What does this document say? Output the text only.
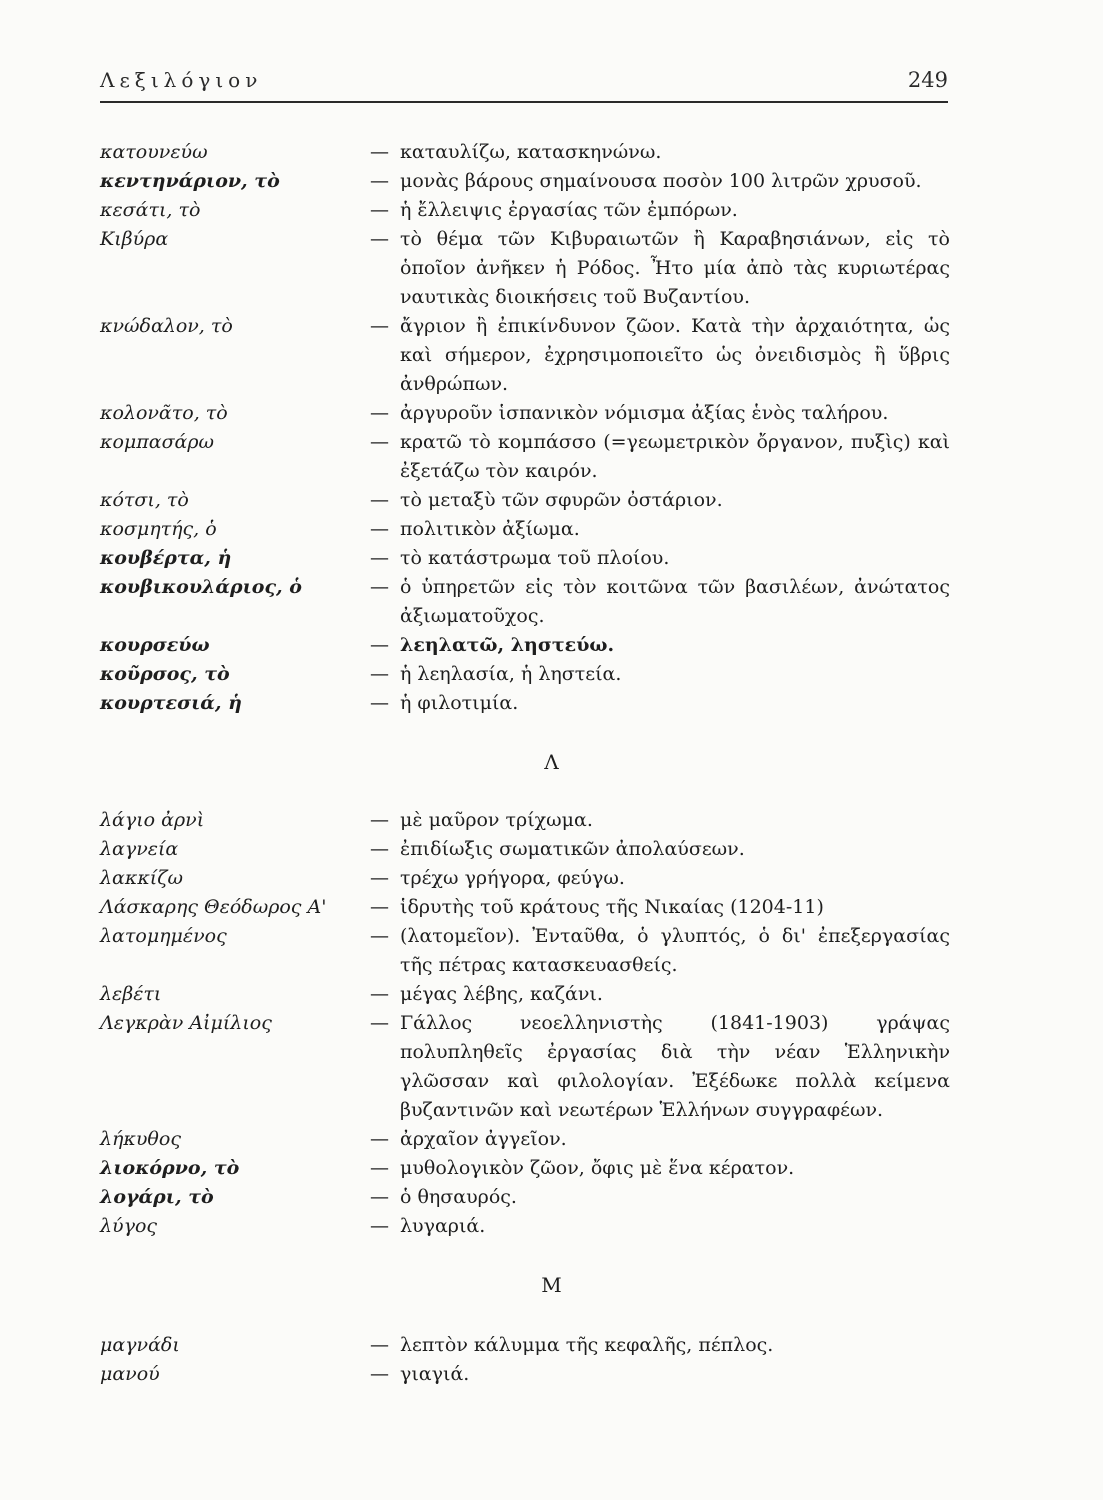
Λεξιλόγιον	249
κατουνεύω	— καταυλίζω, κατασκηνώνω.
κεντηνάριον, τὸ	— μονὰς βάρους σημαίνουσα ποσὸν 100 λιτρῶν χρυσοῦ.
κεσάτι, τὸ	— ἡ ἔλλειψις ἐργασίας τῶν ἐμπόρων.
Κιβύρα	— τὸ θέμα τῶν Κιβυραιωτῶν ἢ Καραβησιάνων, εἰς τὸ ὁποῖον ἀνῆκεν ἡ Ρόδος. Ἦτο μία ἀπὸ τὰς κυριωτέρας ναυτικὰς διοικήσεις τοῦ Βυζαντίου.
κνώδαλον, τὸ	— ἄγριον ἢ ἐπικίνδυνον ζῶον. Κατὰ τὴν ἀρχαιότητα, ὡς καὶ σήμερον, ἐχρησιμοποιεῖτο ὡς ὀνειδισμὸς ἢ ὕβρις ἀνθρώπων.
κολονᾶτο, τὸ	— ἀργυροῦν ἱσπανικὸν νόμισμα ἀξίας ἑνὸς ταλήρου.
κομπασάρω	— κρατῶ τὸ κομπάσσο (=γεωμετρικὸν ὄργανον, πυξὶς) καὶ ἐξετάζω τὸν καιρόν.
κότσι, τὸ	— τὸ μεταξὺ τῶν σφυρῶν ὀστάριον.
κοσμητής, ὁ	— πολιτικὸν ἀξίωμα.
κουβέρτα, ἡ	— τὸ κατάστρωμα τοῦ πλοίου.
κουβικουλάριος, ὁ	— ὁ ὑπηρετῶν εἰς τὸν κοιτῶνα τῶν βασιλέων, ἀνώτατος ἀξιωματοῦχος.
κουρσεύω	— λεηλατῶ, ληστεύω.
κοῦρσος, τὸ	— ἡ λεηλασία, ἡ ληστεία.
κουρτεσιά, ἡ	— ἡ φιλοτιμία.
Λ
λάγιο ἀρνὶ	— μὲ μαῦρον τρίχωμα.
λαγνεία	— ἐπιδίωξις σωματικῶν ἀπολαύσεων.
λακκίζω	— τρέχω γρήγορα, φεύγω.
Λάσκαρης Θεόδωρος Α' — ἱδρυτὴς τοῦ κράτους τῆς Νικαίας (1204-11)
λατομημένος	— (λατομεῖον). Ἐνταῦθα, ὁ γλυπτός, ὁ δι' ἐπεξεργασίας τῆς πέτρας κατασκευασθείς.
λεβέτι	— μέγας λέβης, καζάνι.
Λεγκρὰν Αἰμίλιος	— Γάλλος νεοελληνιστὴς (1841-1903) γράψας πολυπληθεῖς ἐργασίας διὰ τὴν νέαν Ἑλληνικὴν γλῶσσαν καὶ φιλολογίαν. Ἐξέδωκε πολλὰ κείμενα βυζαντινῶν καὶ νεωτέρων Ἑλλήνων συγγραφέων.
λήκυθος	— ἀρχαῖον ἀγγεῖον.
λιοκόρνο, τὸ	— μυθολογικὸν ζῶον, ὄφις μὲ ἕνα κέρατον.
λογάρι, τὸ	— ὁ θησαυρός.
λύγος	— λυγαριά.
Μ
μαγνάδι	— λεπτὸν κάλυμμα τῆς κεφαλῆς, πέπλος.
μανού	— γιαγιά.
